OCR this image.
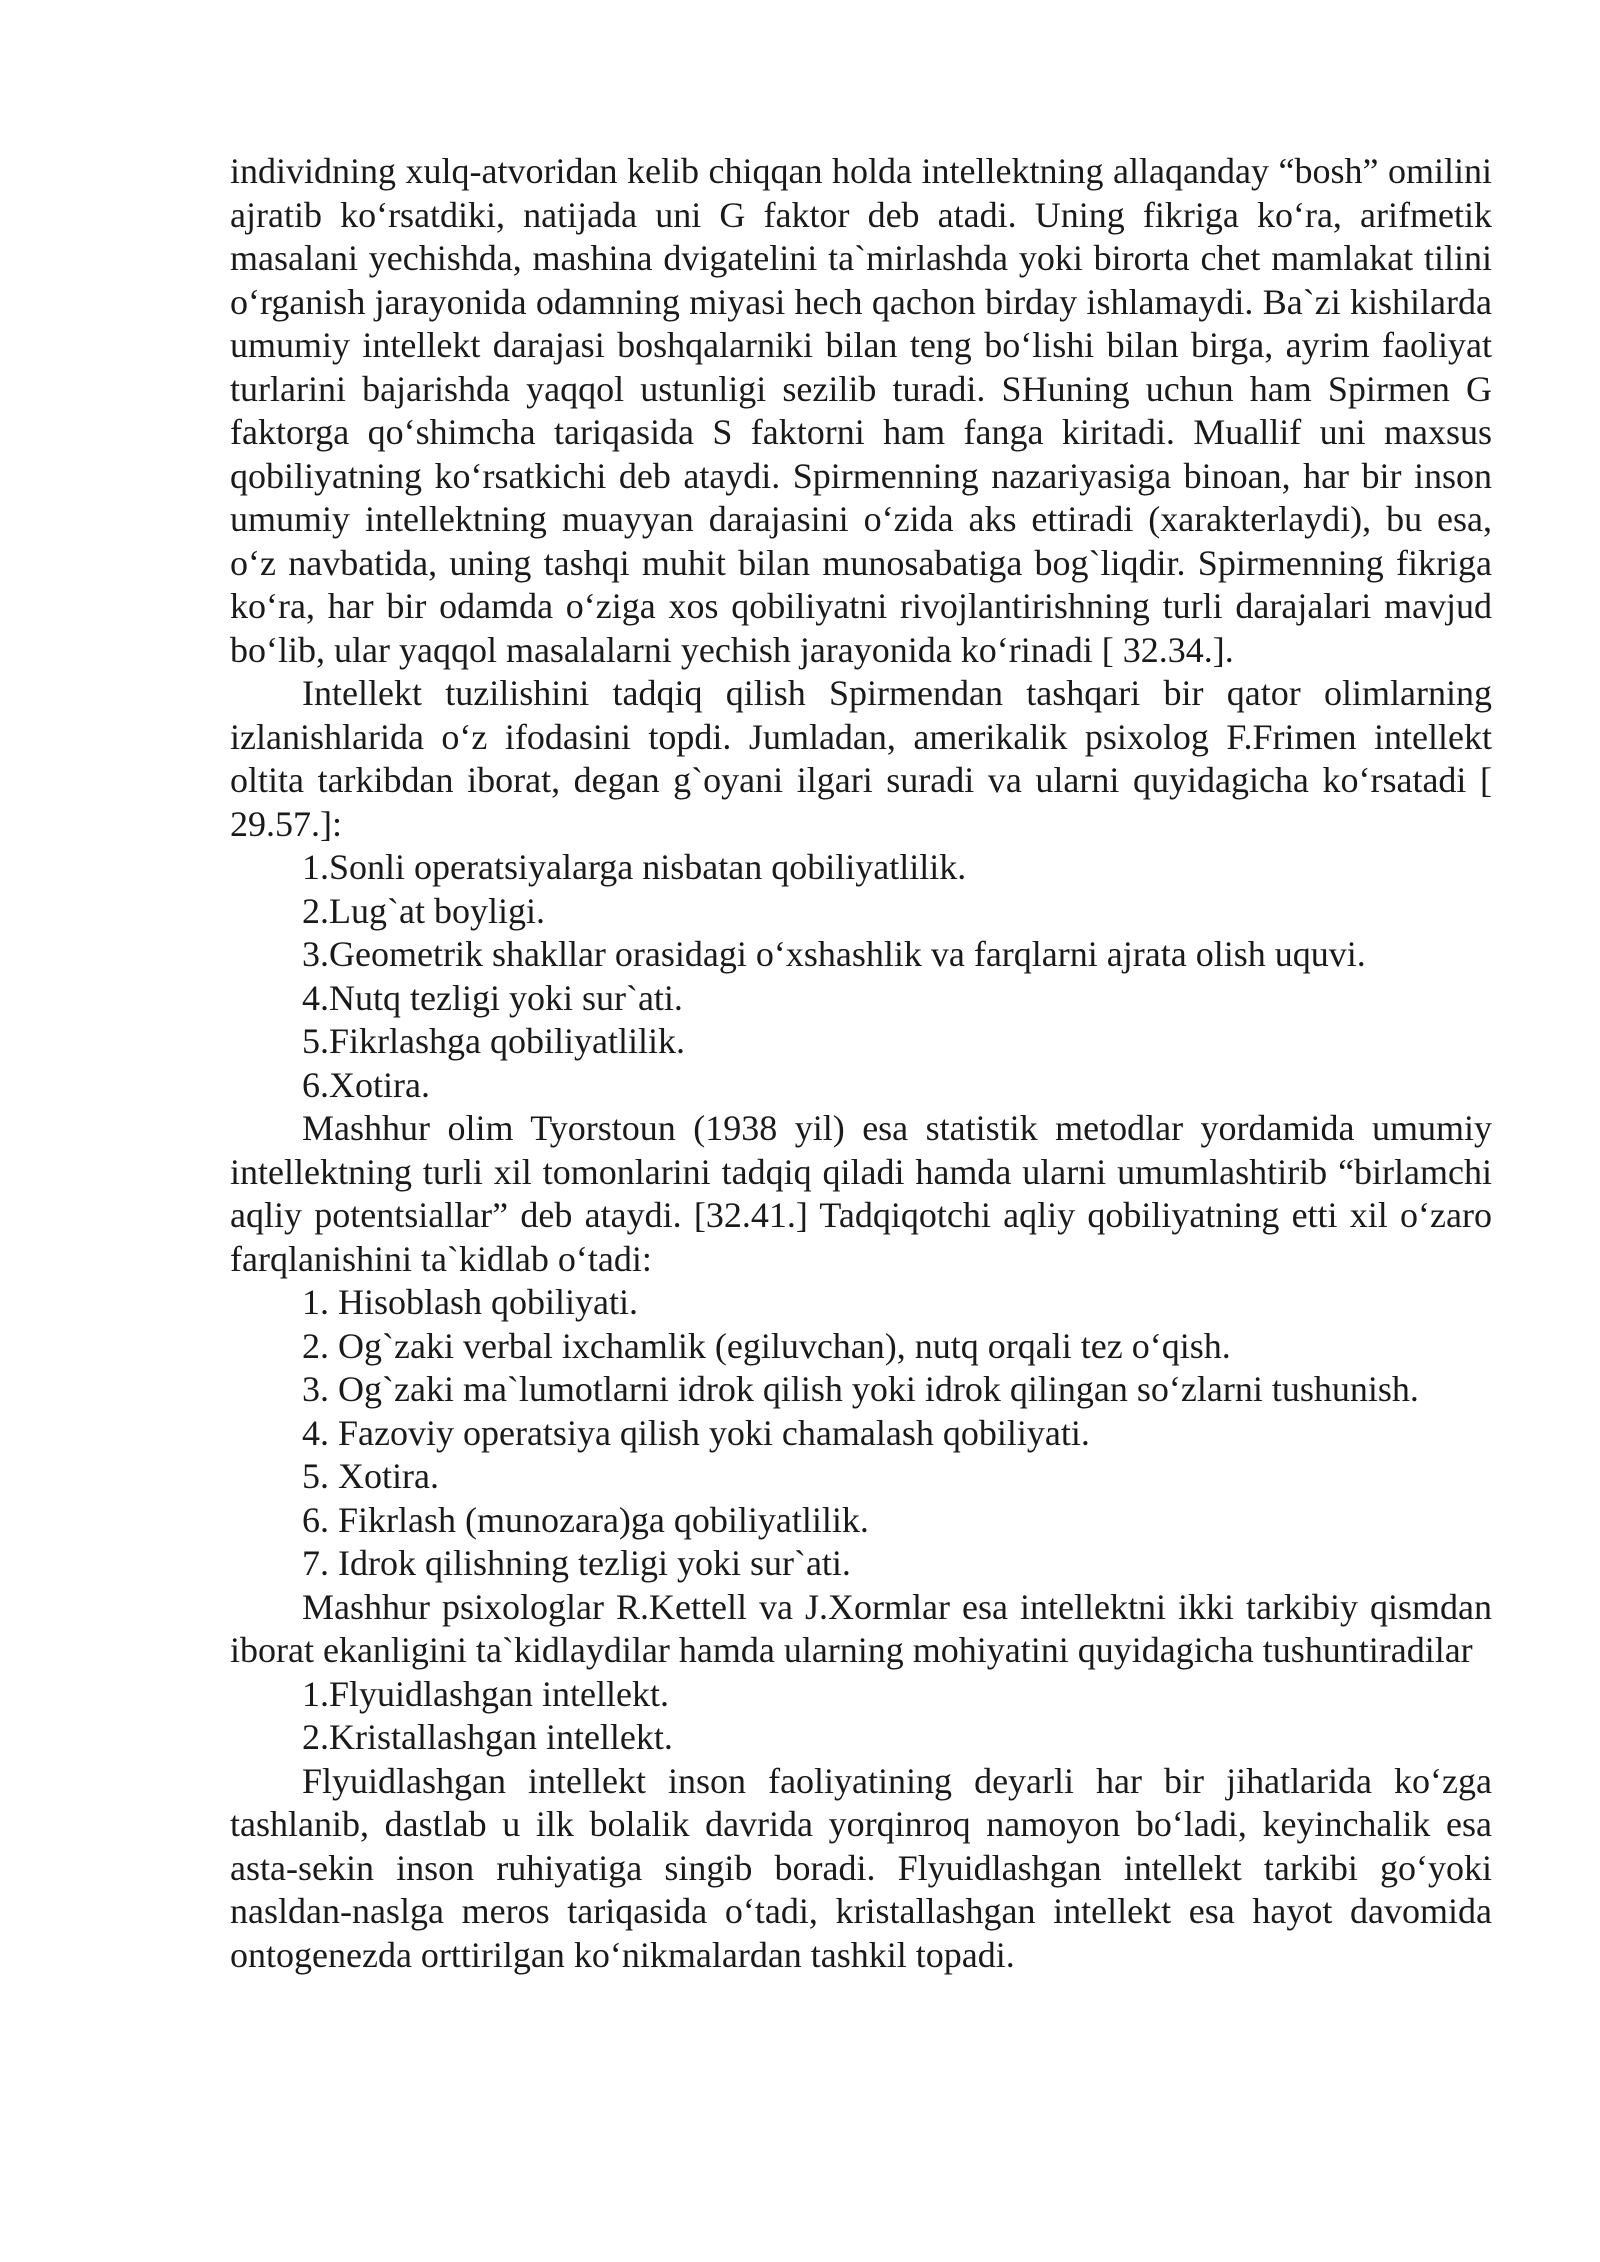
individning xulq-atvoridan kelib chiqqan holda intellektning allaqanday “bosh” omilini ajratib ko‘rsatdiki, natijada uni G faktor deb atadi. Uning fikriga ko‘ra, arifmetik masalani yechishda, mashina dvigatelini ta`mirlashda yoki birorta chet mamlakat tilini o‘rganish jarayonida odamning miyasi hech qachon birday ishlamaydi. Ba`zi kishilarda umumiy intellekt darajasi boshqalarniki bilan teng bo‘lishi bilan birga, ayrim faoliyat turlarini bajarishda yaqqol ustunligi sezilib turadi. SHuning uchun ham Spirmen G faktorga qo‘shimcha tariqasida S faktorni ham fanga kiritadi. Muallif uni maxsus qobiliyatning ko‘rsatkichi deb ataydi. Spirmenning nazariyasiga binoan, har bir inson umumiy intellektning muayyan darajasini o‘zida aks ettiradi (xarakterlaydi), bu esa, o‘z navbatida, uning tashqi muhit bilan munosabatiga bog`liqdir. Spirmenning fikriga ko‘ra, har bir odamda o‘ziga xos qobiliyatni rivojlantirishning turli darajalari mavjud bo‘lib, ular yaqqol masalalarni yechish jarayonida ko‘rinadi [ 32.34.].

Intellekt tuzilishini tadqiq qilish Spirmendan tashqari bir qator olimlarning izlanishlarida o‘z ifodasini topdi. Jumladan, amerikalik psixolog F.Frimen intellekt oltita tarkibdan iborat, degan g`oyani ilgari suradi va ularni quyidagicha ko‘rsatadi [ 29.57.]:

1.Sonli operatsiyalarga nisbatan qobiliyatlilik.
2.Lug`at boyligi.
3.Geometrik shakllar orasidagi o‘xshashlik va farqlarni ajrata olish uquvi.
4.Nutq tezligi yoki sur`ati.
5.Fikrlashga qobiliyatlilik.
6.Xotira.

Mashhur olim Tyorstoun (1938 yil) esa statistik metodlar yordamida umumiy intellektning turli xil tomonlarini tadqiq qiladi hamda ularni umumlashtirib “birlamchi aqliy potentsiallar” deb ataydi. [32.41.] Tadqiqotchi aqliy qobiliyatning etti xil o‘zaro farqlanishini ta`kidlab o‘tadi:

1. Hisoblash qobiliyati.
2. Og`zaki verbal ixchamlik (egiluvchan), nutq orqali tez o‘qish.
3. Og`zaki ma`lumotlarni idrok qilish yoki idrok qilingan so‘zlarni tushunish.
4. Fazoviy operatsiya qilish yoki chamalash qobiliyati.
5. Xotira.
6. Fikrlash (munozara)ga qobiliyatlilik.
7. Idrok qilishning tezligi yoki sur`ati.

Mashhur psixologlar R.Kettell va J.Xormlar esa intellektni ikki tarkibiy qismdan iborat ekanligini ta`kidlaydilar hamda ularning mohiyatini quyidagicha tushuntiradilar

1.Flyuidlashgan intellekt.
2.Kristallashgan intellekt.

Flyuidlashgan intellekt inson faoliyatining deyarli har bir jihatlarida ko‘zga tashlanib, dastlab u ilk bolalik davrida yorqinroq namoyon bo‘ladi, keyinchalik esa asta-sekin inson ruhiyatiga singib boradi. Flyuidlashgan intellekt tarkibi go‘yoki nasldan-naslga meros tariqasida o‘tadi, kristallashgan intellekt esa hayot davomida ontogenezda orttirilgan ko‘nikmalardan tashkil topadi.
